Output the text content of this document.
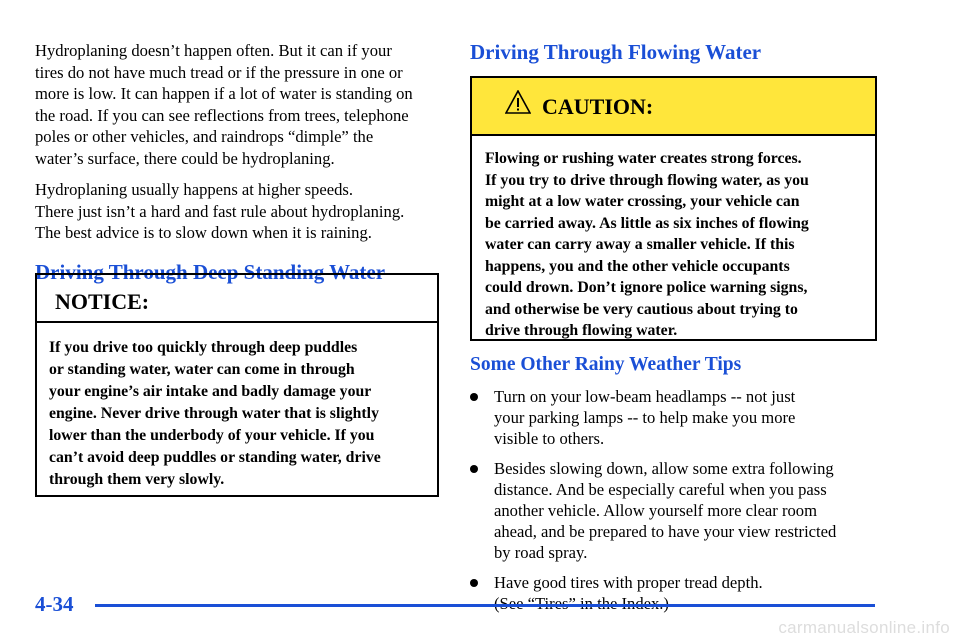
Hydroplaning doesn’t happen often. But it can if your
tires do not have much tread or if the pressure in one or
more is low. It can happen if a lot of water is standing on
the road. If you can see reflections from trees, telephone
poles or other vehicles, and raindrops “dimple” the
water’s surface, there could be hydroplaning.

Hydroplaning usually happens at higher speeds.
There just isn’t a hard and fast rule about hydroplaning.
The best advice is to slow down when it is raining.

Driving Through Deep Standing Water
NOTICE:
If you drive too quickly through deep puddles
or standing water, water can come in through
your engine’s air intake and badly damage your
engine. Never drive through water that is slightly
lower than the underbody of your vehicle. If you
can’t avoid deep puddles or standing water, drive
through them very slowly.
Driving Through Flowing Water
CAUTION:
Flowing or rushing water creates strong forces.
If you try to drive through flowing water, as you
might at a low water crossing, your vehicle can
be carried away. As little as six inches of flowing
water can carry away a smaller vehicle. If this
happens, you and the other vehicle occupants
could drown. Don’t ignore police warning signs,
and otherwise be very cautious about trying to
drive through flowing water.
Some Other Rainy Weather Tips
Turn on your low-beam headlamps -- not just
your parking lamps -- to help make you more
visible to others.
Besides slowing down, allow some extra following
distance. And be especially careful when you pass
another vehicle. Allow yourself more clear room
ahead, and be prepared to have your view restricted
by road spray.
Have good tires with proper tread depth.
4-34
carmanualsonline.info
